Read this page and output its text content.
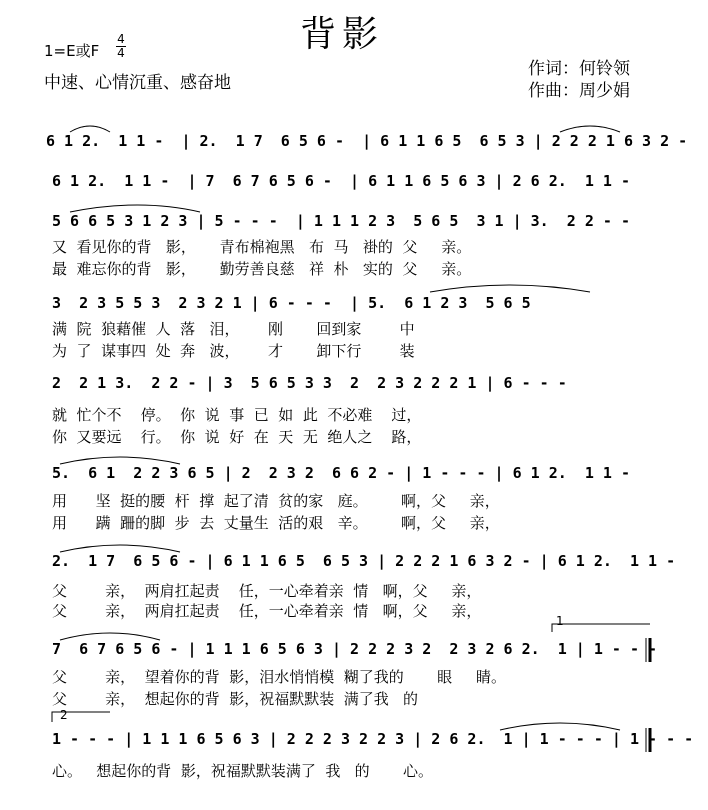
背影
1=E或F
4
4
中速、心情沉重、感奋地
作词：何铃领
作曲：周少娟
6 1 2.  1 1 -  | 2.  1 7  6 5 6 -  | 6 1 1 6 5  6 5 3 | 2 2 2 1 6 3 2 -
6 1 2.  1 1 -  | 7  6 7 6 5 6 -  | 6 1 1 6 5 6 3 | 2 6 2.  1 1 -
5 6 6 5 3 1 2 3 | 5 - - -  | 1 1 1 2 3  5 6 5  3 1 | 3.  2 2 - -
又  看见你的背   影，     青布棉袍黑   布  马   褂的  父     亲。
最  难忘你的背   影，     勤劳善良慈   祥  朴   实的  父     亲。
3  2 3 5 5 3  2 3 2 1 | 6 - - -  | 5.  6 1 2 3  5 6 5
满  院  狼藉催  人  落   泪，      刚       回到家        中
为  了  谋事四  处  奔   波，      才       卸下行        装
2  2 1 3.  2 2 - | 3  5 6 5 3 3  2  2 3 2 2 2 1 | 6 - - -
就  忙个不    停。  你  说  事  已  如  此  不必难    过，
你  又要远    行。  你  说  好  在  天  无  绝人之    路，
5.  6 1  2 2 3 6 5 | 2  2 3 2  6 6 2 - | 1 - - - | 6 1 2.  1 1 -
用      坚  挺的腰  杆  撑  起了清  贫的家   庭。       啊，父     亲，
用      蹒  跚的脚  步  去  丈量生  活的艰   辛。       啊，父     亲，
2.  1 7  6 5 6 - | 6 1 1 6 5  6 5 3 | 2 2 2 1 6 3 2 - | 6 1 2.  1 1 -
父        亲，  两肩扛起责    任，一心牵着亲  情   啊，父     亲，
父        亲，  两肩扛起责    任，一心牵着亲  情   啊，父     亲，
7  6 7 6 5 6 - | 1 1 1 6 5 6 3 | 2 2 2 3 2  2 3 2 6 2.  1 | 1 - - -
父        亲，  望着你的背  影，泪水悄悄模  糊了我的       眼     睛。
父        亲，  想起你的背  影，祝福默默装  满了我   的
1 - - - | 1 1 1 6 5 6 3 | 2 2 2 3 2 2 3 | 2 6 2.  1 | 1 - - - | 1 - - -
心。   想起你的背  影，祝福默默装满了  我   的       心。
1
2
